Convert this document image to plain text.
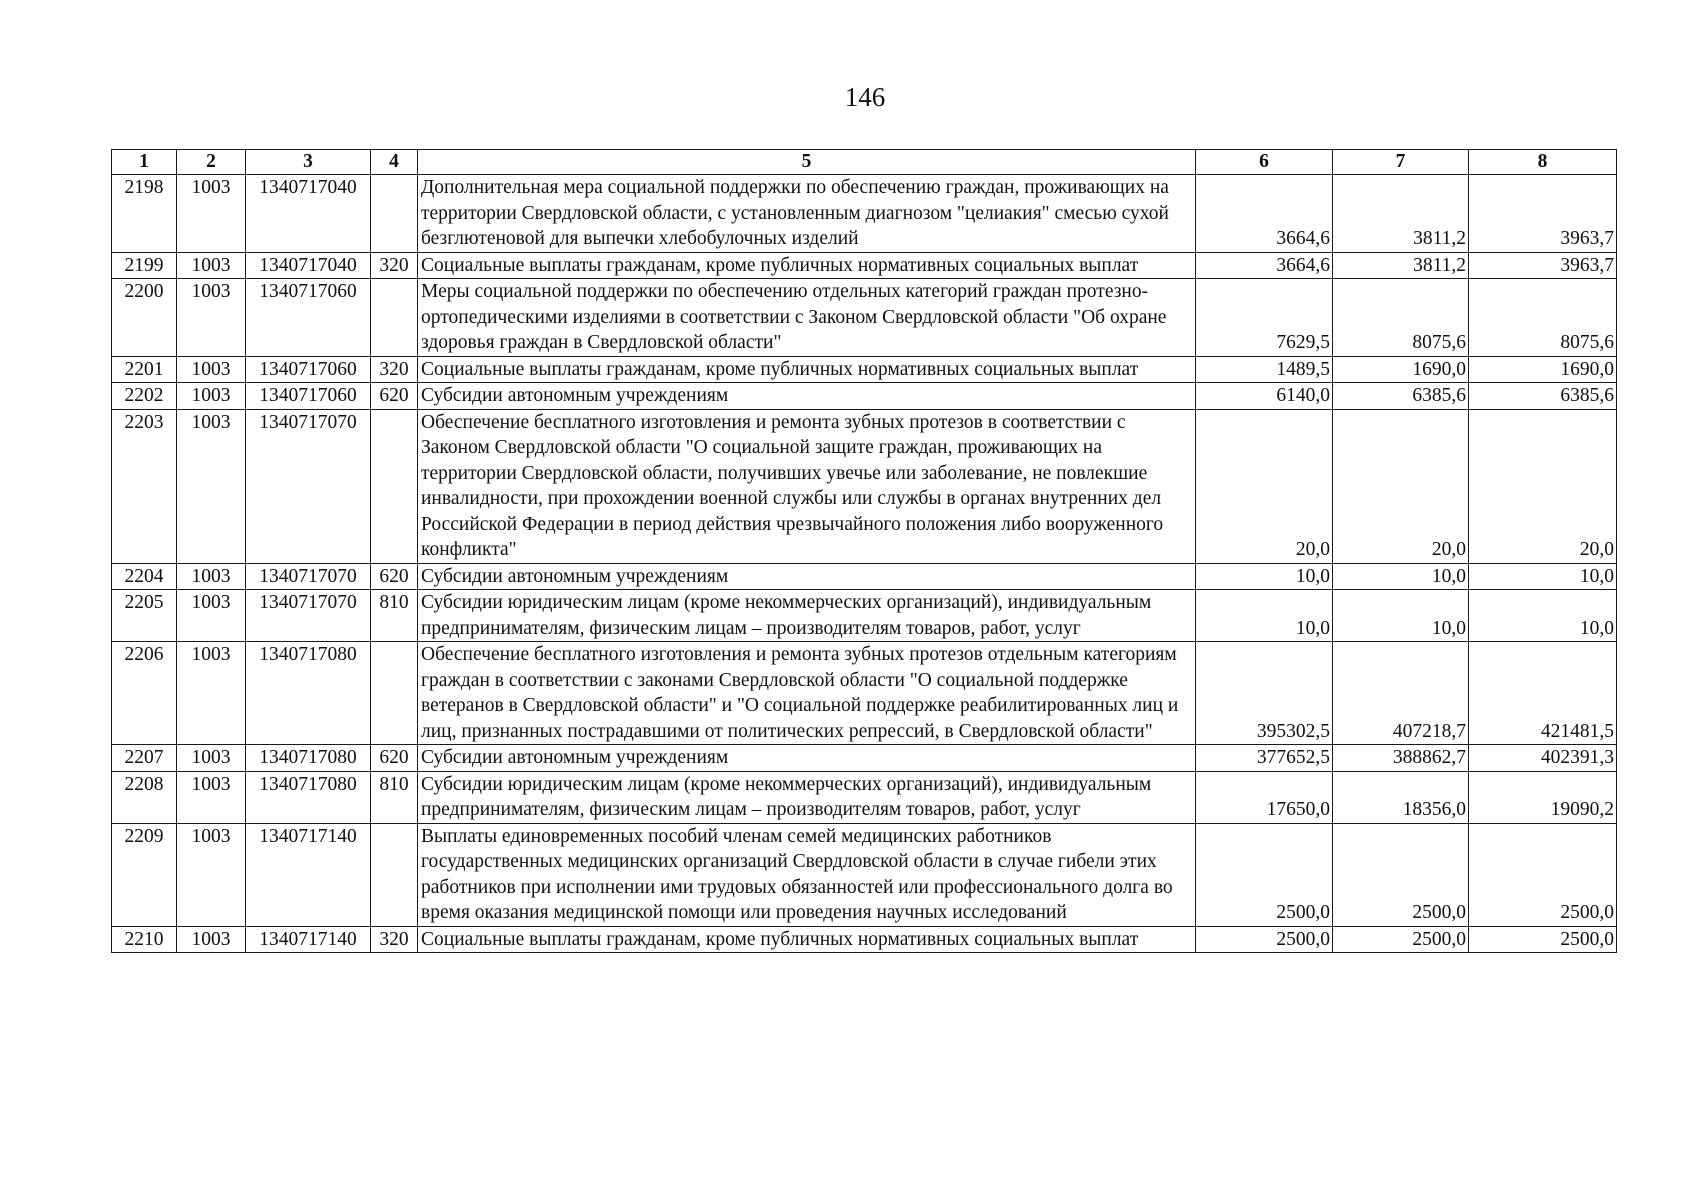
146
1	2	3	4	5	6	7	8
2198	1003	1340717040		Дополнительная мера социальной поддержки по обеспечению граждан, проживающих на территории Свердловской области, с установленным диагнозом "целиакия" смесью сухой безглютеновой для выпечки хлебобулочных изделий	3664,6	3811,2	3963,7
2199	1003	1340717040	320	Социальные выплаты гражданам, кроме публичных нормативных социальных выплат	3664,6	3811,2	3963,7
2200	1003	1340717060		Меры социальной поддержки по обеспечению отдельных категорий граждан протезно-ортопедическими изделиями в соответствии с Законом Свердловской области "Об охране здоровья граждан в Свердловской области"	7629,5	8075,6	8075,6
2201	1003	1340717060	320	Социальные выплаты гражданам, кроме публичных нормативных социальных выплат	1489,5	1690,0	1690,0
2202	1003	1340717060	620	Субсидии автономным учреждениям	6140,0	6385,6	6385,6
2203	1003	1340717070		Обеспечение бесплатного изготовления и ремонта зубных протезов в соответствии с Законом Свердловской области "О социальной защите граждан, проживающих на территории Свердловской области, получивших увечье или заболевание, не повлекшие инвалидности, при прохождении военной службы или службы в органах внутренних дел Российской Федерации в период действия чрезвычайного положения либо вооруженного конфликта"	20,0	20,0	20,0
2204	1003	1340717070	620	Субсидии автономным учреждениям	10,0	10,0	10,0
2205	1003	1340717070	810	Субсидии юридическим лицам (кроме некоммерческих организаций), индивидуальным предпринимателям, физическим лицам – производителям товаров, работ, услуг	10,0	10,0	10,0
2206	1003	1340717080		Обеспечение бесплатного изготовления и ремонта зубных протезов отдельным категориям граждан в соответствии с законами Свердловской области "О социальной поддержке ветеранов в Свердловской области" и "О социальной поддержке реабилитированных лиц и лиц, признанных пострадавшими от политических репрессий, в Свердловской области"	395302,5	407218,7	421481,5
2207	1003	1340717080	620	Субсидии автономным учреждениям	377652,5	388862,7	402391,3
2208	1003	1340717080	810	Субсидии юридическим лицам (кроме некоммерческих организаций), индивидуальным предпринимателям, физическим лицам – производителям товаров, работ, услуг	17650,0	18356,0	19090,2
2209	1003	1340717140		Выплаты единовременных пособий членам семей медицинских работников государственных медицинских организаций Свердловской области в случае гибели этих работников при исполнении ими трудовых обязанностей или профессионального долга во время оказания медицинской помощи или проведения научных исследований	2500,0	2500,0	2500,0
2210	1003	1340717140	320	Социальные выплаты гражданам, кроме публичных нормативных социальных выплат	2500,0	2500,0	2500,0
